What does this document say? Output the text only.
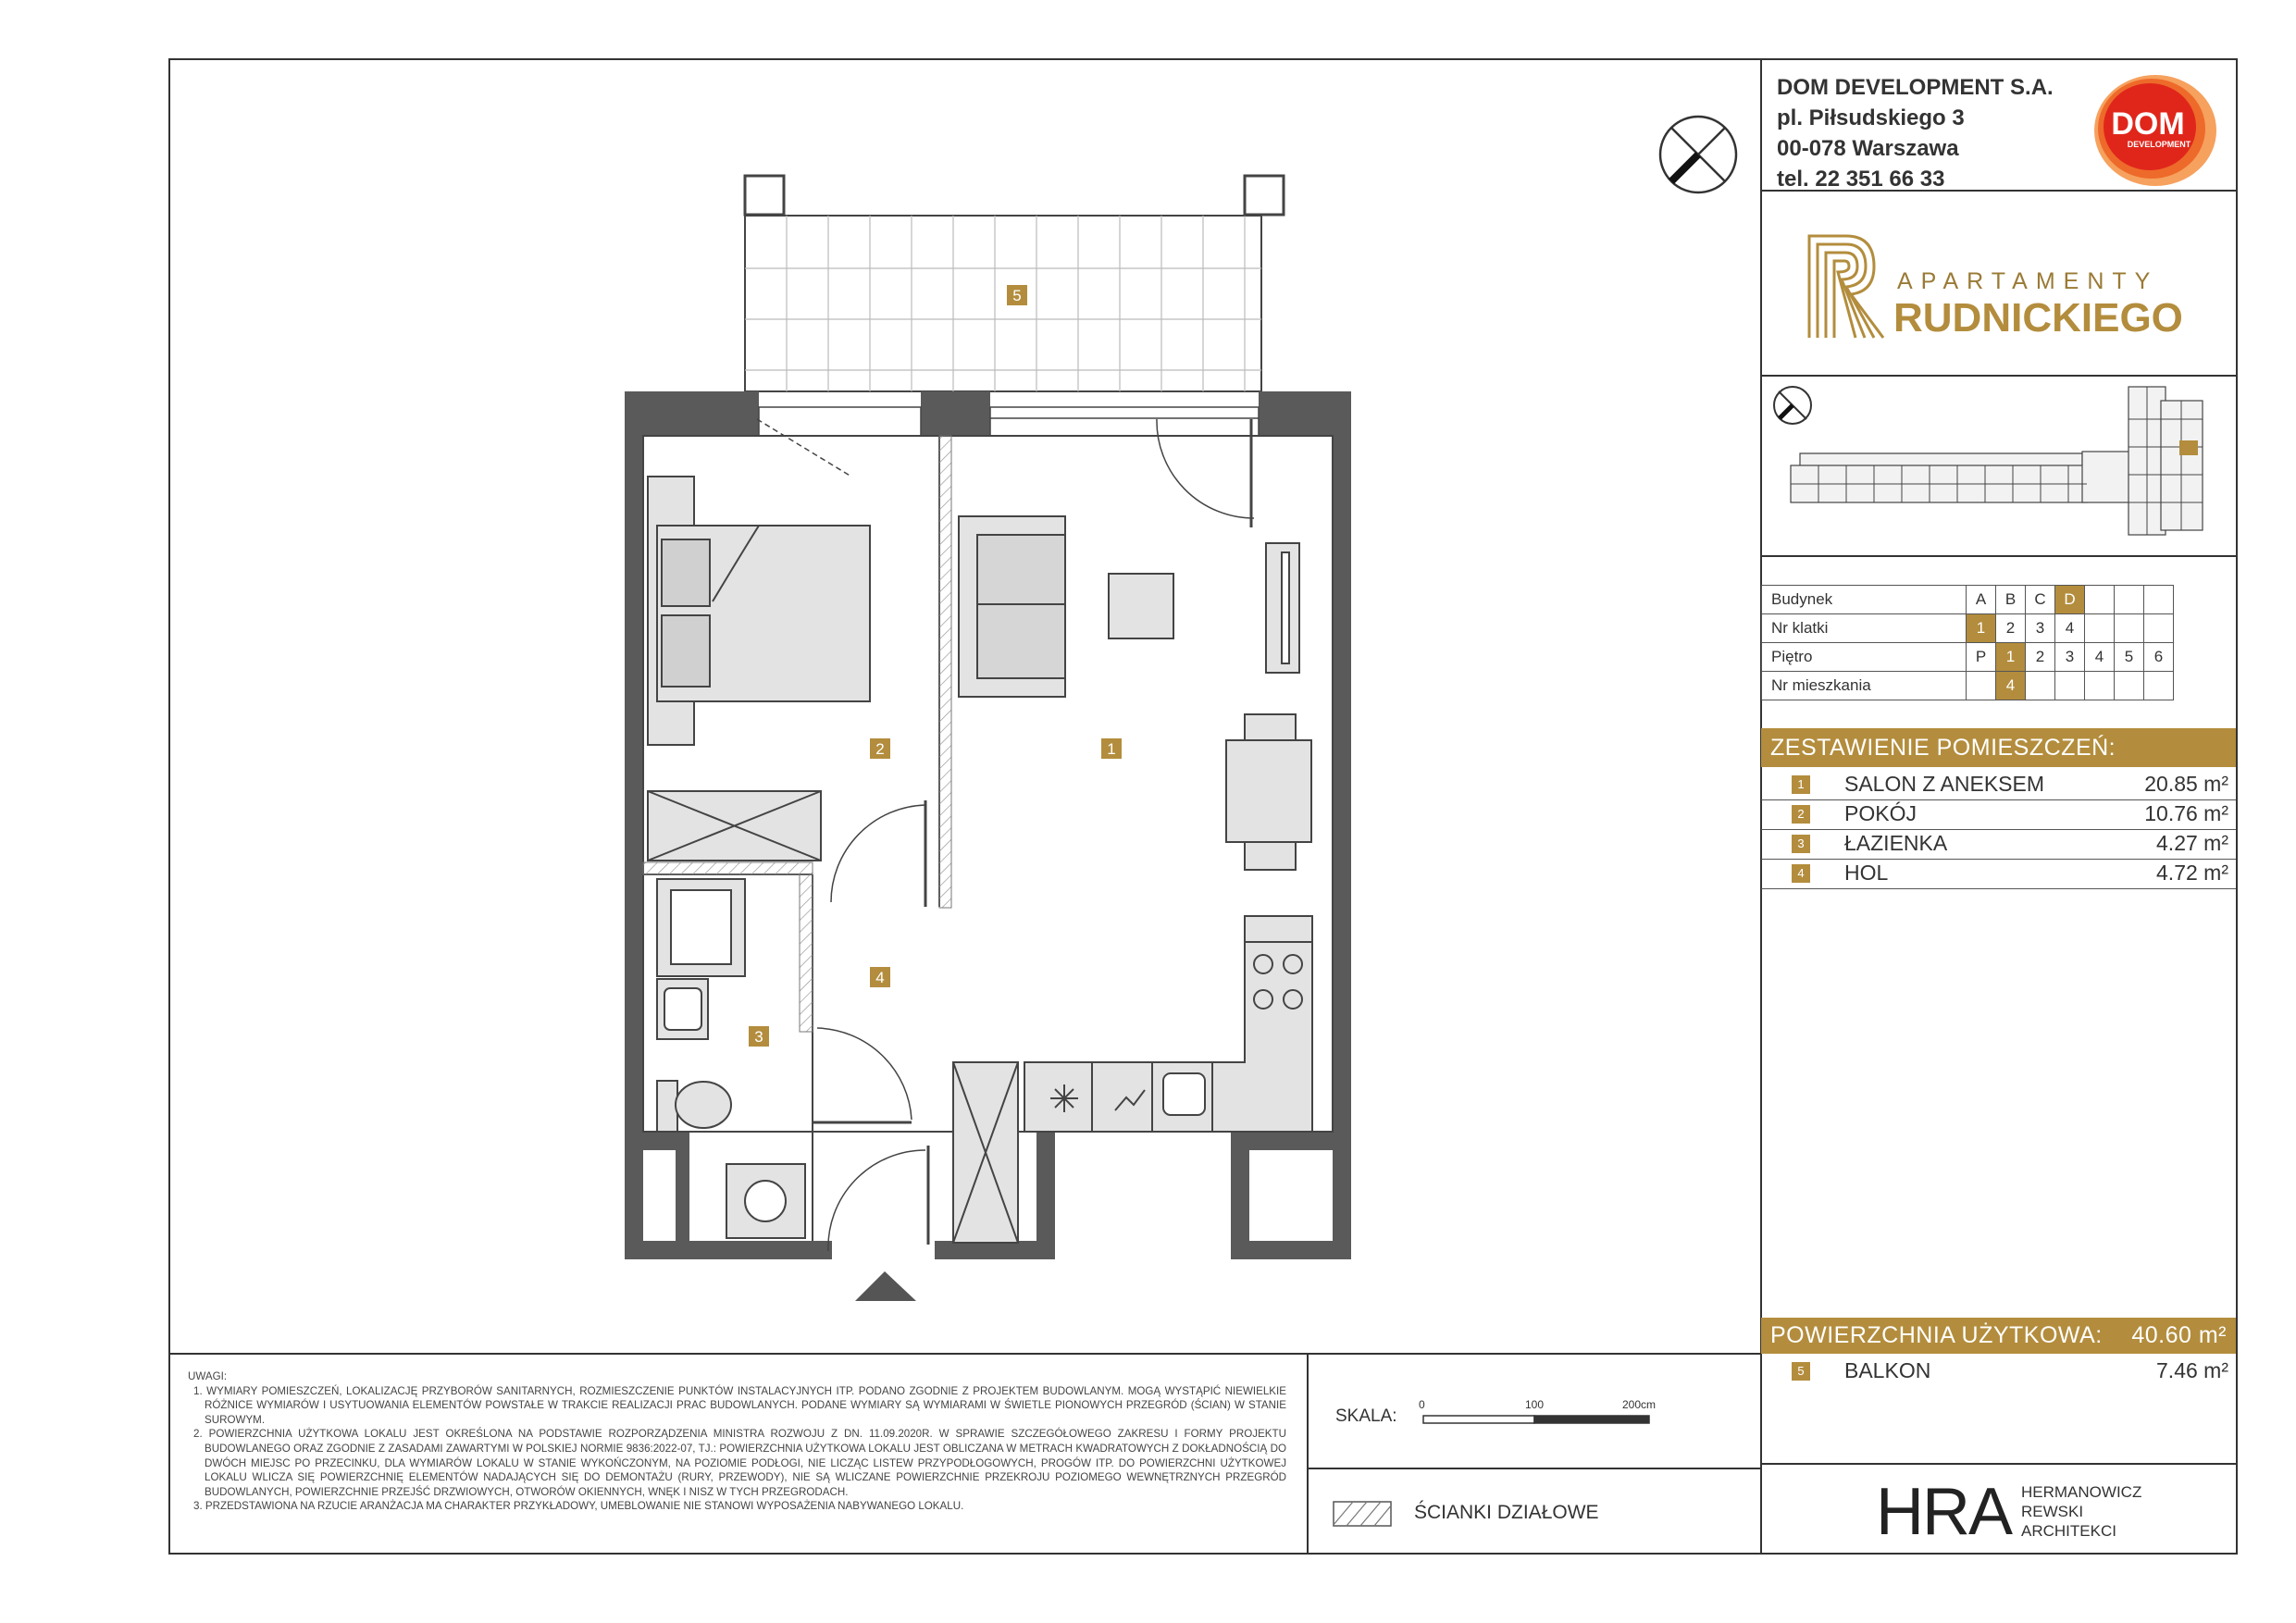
DOM DEVELOPMENT S.A.
pl. Piłsudskiego 3
00-078 Warszawa
tel. 22 351 66 33
DOM
DEVELOPMENT
APARTAMENTY
RUDNICKIEGO
Budynek	A	B	C	D			
Nr klatki	1	2	3	4			
Piętro	P	1	2	3	4	5	6
Nr mieszkania		4					
ZESTAWIENIE POMIESZCZEŃ:
1 SALON Z ANEKSEM	20.85 m²
2 POKÓJ	10.76 m²
3 ŁAZIENKA	4.27 m²
4 HOL	4.72 m²
POWIERZCHNIA UŻYTKOWA: 40.60 m²
5 BALKON	7.46 m²

UWAGI:

1. WYMIARY POMIESZCZEŃ, LOKALIZACJĘ PRZYBORÓW SANITARNYCH, ROZMIESZCZENIE PUNKTÓW INSTALACYJNYCH ITP. PODANO ZGODNIE Z PROJEKTEM BUDOWLANYM. MOGĄ WYSTĄPIĆ NIEWIELKIE RÓŻNICE WYMIARÓW I USYTUOWANIA ELEMENTÓW POWSTAŁE W TRAKCIE REALIZACJI PRAC BUDOWLANYCH. PODANE WYMIARY SĄ WYMIARAMI W ŚWIETLE PIONOWYCH PRZEGRÓD (ŚCIAN) W STANIE SUROWYM.

2. POWIERZCHNIA UŻYTKOWA LOKALU JEST OKREŚLONA NA PODSTAWIE ROZPORZĄDZENIA MINISTRA ROZWOJU Z DN. 11.09.2020R. W SPRAWIE SZCZEGÓŁOWEGO ZAKRESU I FORMY PROJEKTU BUDOWLANEGO ORAZ ZGODNIE Z ZASADAMI ZAWARTYMI W POLSKIEJ NORMIE 9836:2022-07, TJ.: POWIERZCHNIA UŻYTKOWA LOKALU JEST OBLICZANA W METRACH KWADRATOWYCH Z DOKŁADNOŚCIĄ DO DWÓCH MIEJSC PO PRZECINKU, DLA WYMIARÓW LOKALU W STANIE WYKOŃCZONYM, NA POZIOMIE PODŁOGI, NIE LICZĄC LISTEW PRZYPODŁOGOWYCH, PROGÓW ITP. DO POWIERZCHNI UŻYTKOWEJ LOKALU WLICZA SIĘ POWIERZCHNIĘ ELEMENTÓW NADAJĄCYCH SIĘ DO DEMONTAŻU (RURY, PRZEWODY), NIE SĄ WLICZANE POWIERZCHNIE PRZEKROJU POZIOMEGO WEWNĘTRZNYCH PRZEGRÓD BUDOWLANYCH, POWIERZCHNIE PRZEJŚĆ DRZWIOWYCH, OTWORÓW OKIENNYCH, WNĘK I NISZ W TYCH PRZEGRODACH.

3. PRZEDSTAWIONA NA RZUCIE ARANŻACJA MA CHARAKTER PRZYKŁADOWY, UMEBLOWANIE NIE STANOWI WYPOSAŻENIA NABYWANEGO LOKALU.

SKALA:
0	100	200cm
ŚCIANKI DZIAŁOWE	HRA HERMANOWICZ
REWSKI
ARCHITEKCI
1
2
3
4
5
